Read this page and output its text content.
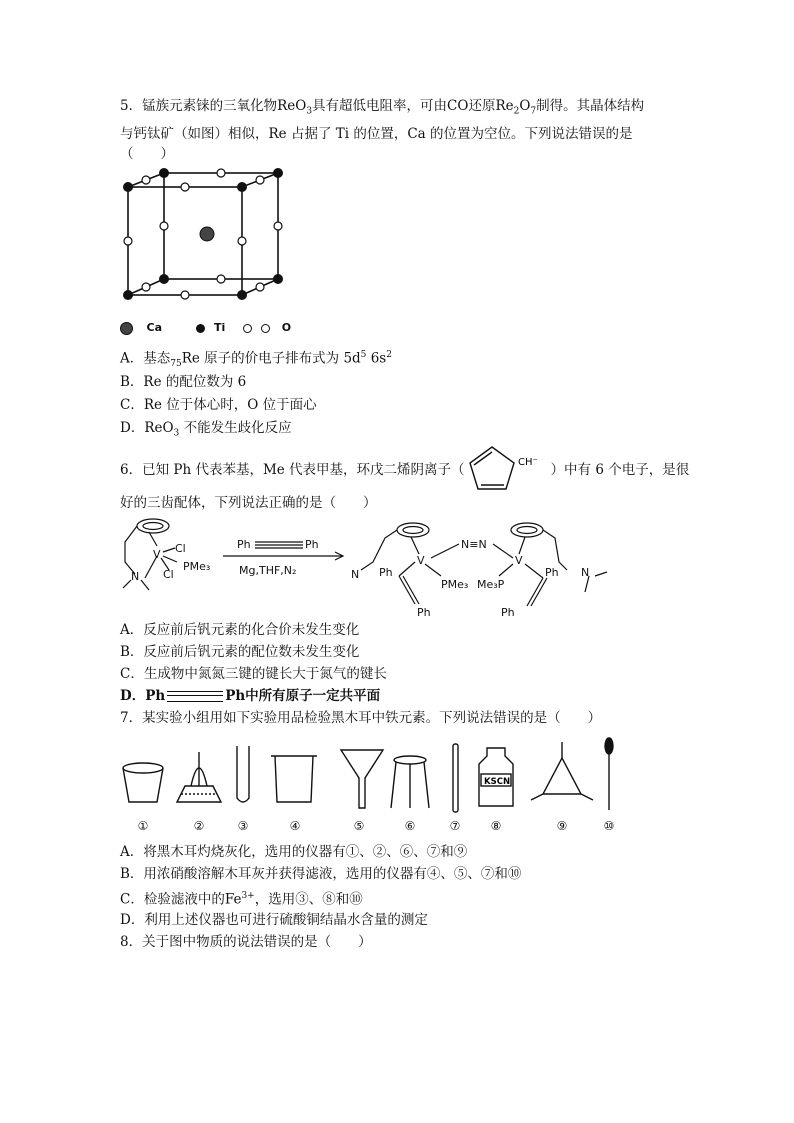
5．锰族元素铼的三氧化物ReO$_3$具有超低电阻率，可由CO还原$Re_2O_7$制得。其晶体结构
与钙钛矿（如图）相似，Re 占据了 Ti 的位置，Ca 的位置为空位。下列说法错误的是
（　　）
Ca	Ti	O
A．基态$_{75}$Re 原子的价电子排布式为 $5d^5$ $6s^2$
B．Re 的配位数为 6
C．Re 位于体心时，O 位于面心
D．ReO$_3$ 不能发生歧化反应
6．已知 Ph 代表苯基，Me 代表甲基，环戊二烯阴离子（	）中有 6 个电子，是很
CH⁻
好的三齿配体，下列说法正确的是（　　）
V Cl
Cl
PMe₃
N
Ph	Ph
Mg,THF,N₂
N≡N
V	V
N	N
Ph	Ph
PMe₃ Me₃P
Ph	Ph
A．反应前后钒元素的化合价未发生变化
B．反应前后钒元素的配位数未发生变化
C．生成物中氮氮三键的键长大于氮气的键长
D．Ph	Ph中所有原子一定共平面
7．某实验小组用如下实验用品检验黑木耳中铁元素。下列说法错误的是（　　）
KSCN
①	②	③	④	⑤	⑥	⑦	⑧	⑨	⑩
A．将黑木耳灼烧灰化，选用的仪器有①、②、⑥、⑦和⑨
B．用浓硝酸溶解木耳灰并获得滤液，选用的仪器有④、⑤、⑦和⑩
C．检验滤液中的$Fe^{3+}$，选用③、⑧和⑩
D．利用上述仪器也可进行硫酸铜结晶水含量的测定
8．关于图中物质的说法错误的是（　　）
